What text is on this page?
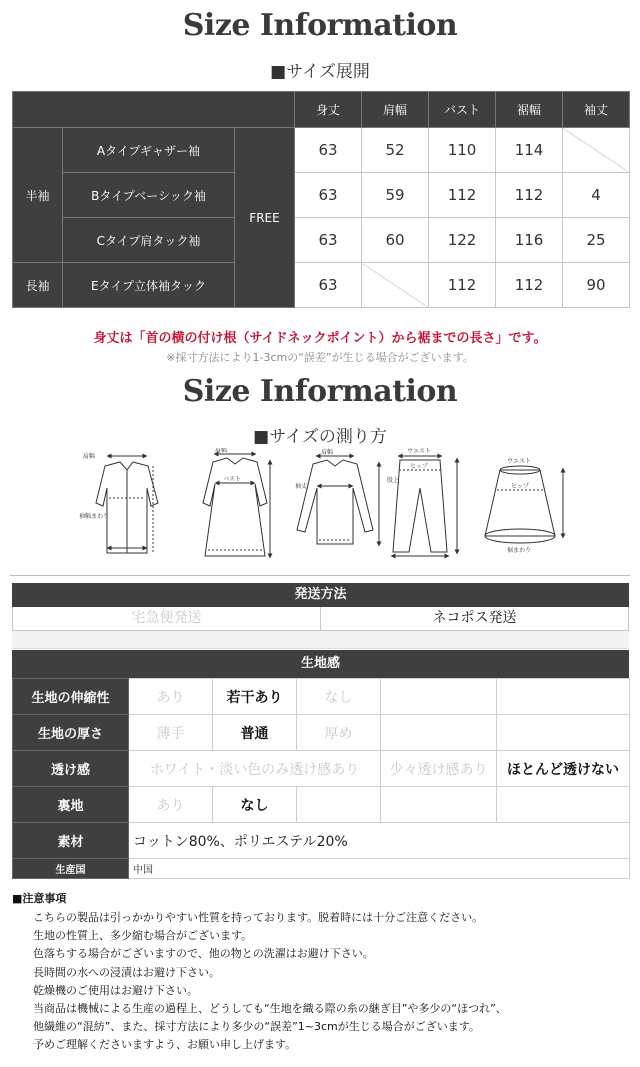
Size Information
■サイズ展開
			身丈	肩幅	バスト	裾幅	袖丈
半袖	Aタイプギャザー袖	FREE	63	52	110	114	
	Bタイプベーシック袖		63	59	112	112	4
	Cタイプ肩タック袖		63	60	122	116	25
長袖	Eタイプ立体袖タック		63		112	112	90
身丈は「首の横の付け根（サイドネックポイント）から裾までの長さ」です。
※採寸方法により1-3cmの“誤差”が生じる場合がございます。
Size Information
■サイズの測り方
肩幅
袖幅まわり
肩幅
バスト
肩幅
袖丈
ウエスト
ヒップ
股上
ウエスト
ヒップ
裾まわり
発送方法
宅急便発送	ネコポス発送
生地感
生地の伸縮性	あり	若干あり	なし		
生地の厚さ	薄手	普通	厚め		
透け感	ホワイト・淡い色のみ透け感あり			少々透け感あり	ほとんど透けない
裏地	あり	なし			
素材	コットン80%、ポリエステル20%				
生産国	中国				
■注意事項
こちらの製品は引っかかりやすい性質を持っております。脱着時には十分ご注意ください。
生地の性質上、多少縮む場合がございます。
色落ちする場合がございますので、他の物との洗濯はお避け下さい。
長時間の水への浸漬はお避け下さい。
乾燥機のご使用はお避け下さい。
当商品は機械による生産の過程上、どうしても“生地を織る際の糸の継ぎ目”や多少の“ほつれ”、
他繊維の“混紡”、また、採寸方法により多少の“誤差”1~3cmが生じる場合がございます。
予めご理解くださいますよう、お願い申し上げます。
